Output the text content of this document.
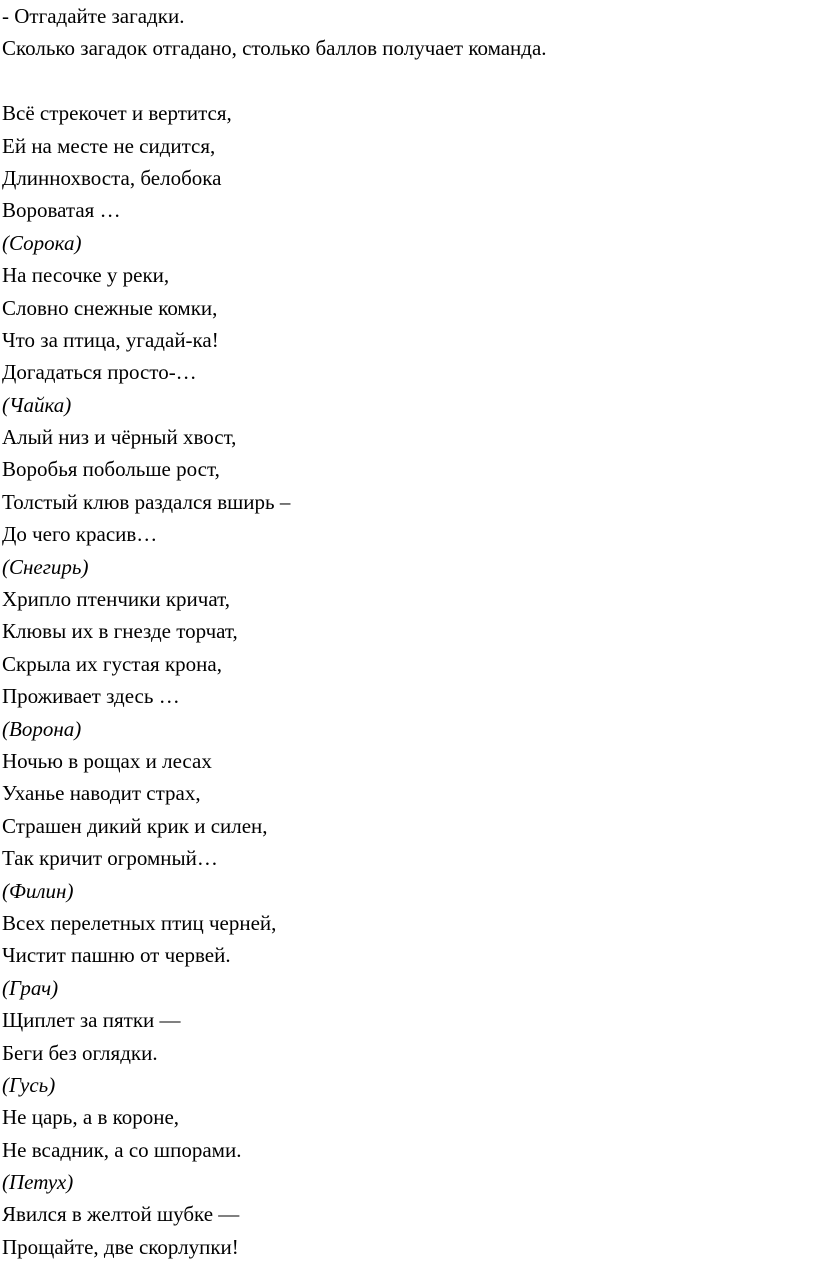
- Отгадайте загадки.
Сколько загадок отгадано, столько баллов получает команда.
Всё стрекочет и вертится,
Ей на месте не сидится,
Длиннохвоста, белобока
Вороватая …
(Сорока)
На песочке у реки,
Словно снежные комки,
Что за птица, угадай-ка!
Догадаться просто-…
(Чайка)
Алый низ и чёрный хвост,
Воробья побольше рост,
Толстый клюв раздался вширь –
До чего красив…
(Снегирь)
Хрипло птенчики кричат,
Клювы их в гнезде торчат,
Скрыла их густая крона,
Проживает здесь …
(Ворона)
Ночью в рощах и лесах
Уханье наводит страх,
Страшен дикий крик и силен,
Так кричит огромный…
(Филин)
Всех перелетных птиц черней,
Чистит пашню от червей.
(Грач)
Щиплет за пятки —
Беги без оглядки.
(Гусь)
Не царь, а в короне,
Не всадник, а со шпорами.
(Петух)
Явился в желтой шубке —
Прощайте, две скорлупки!
